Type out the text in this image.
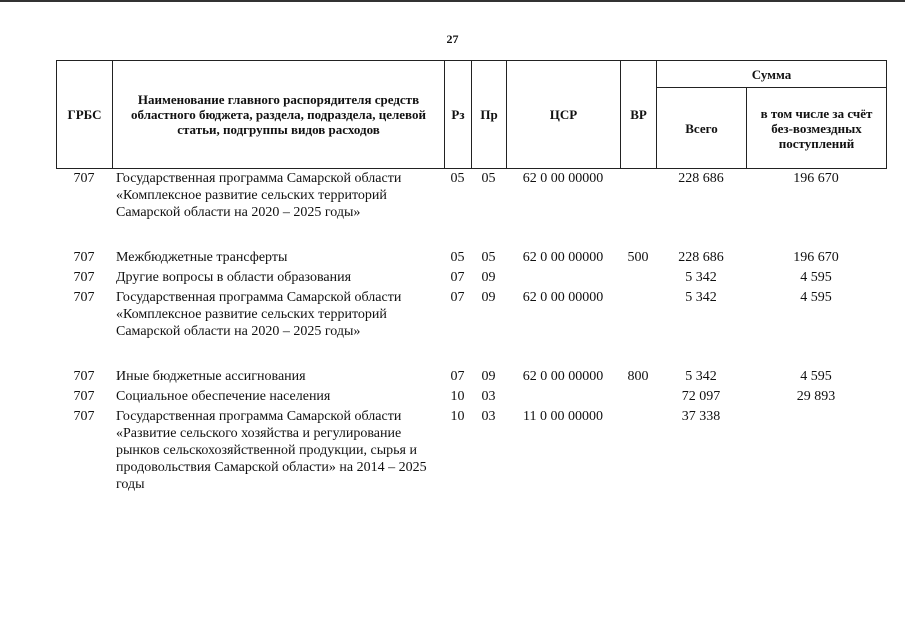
27
ГРБС	Наименование главного распорядителя средств областного бюджета, раздела, подраздела, целевой статьи, подгруппы видов расходов	Рз	Пр	ЦСР	ВР	Сумма	
						Всего	в том числе за счёт без-возмездных поступлений
707	Государственная программа Самарской области «Комплексное развитие сельских территорий Самарской области на 2020 – 2025 годы»	05	05	62 0 00 00000		228 686	196 670
707	Межбюджетные трансферты	05	05	62 0 00 00000	500	228 686	196 670
707	Другие вопросы в области образования	07	09			5 342	4 595
707	Государственная программа Самарской области «Комплексное развитие сельских территорий Самарской области на 2020 – 2025 годы»	07	09	62 0 00 00000		5 342	4 595
707	Иные бюджетные ассигнования	07	09	62 0 00 00000	800	5 342	4 595
707	Социальное обеспечение населения	10	03			72 097	29 893
707	Государственная программа Самарской области «Развитие сельского хозяйства и регулирование рынков сельскохозяйственной продукции, сырья и продовольствия Самарской области» на 2014 – 2025 годы	10	03	11 0 00 00000		37 338	
